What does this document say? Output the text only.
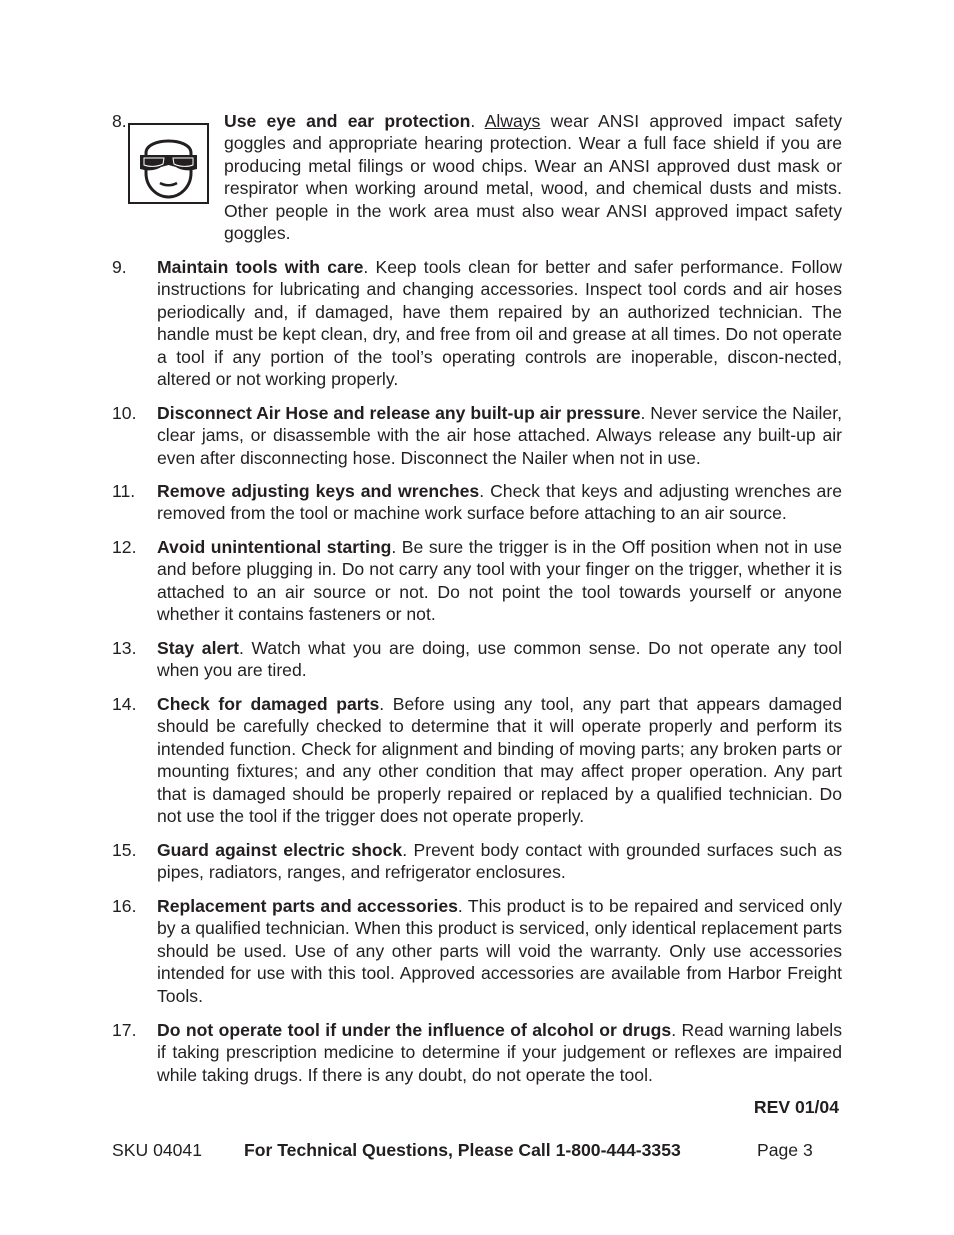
8.	Use eye and ear protection. Always wear ANSI approved impact safety goggles and appropriate hearing protection. Wear a full face shield if you are producing metal filings or wood chips. Wear an ANSI approved dust mask or respirator when working around metal, wood, and chemical dusts and mists. Other people in the work area must also wear ANSI approved impact safety goggles.
9. Maintain tools with care. Keep tools clean for better and safer performance. Follow instructions for lubricating and changing accessories. Inspect tool cords and air hoses periodically and, if damaged, have them repaired by an authorized technician. The handle must be kept clean, dry, and free from oil and grease at all times. Do not operate a tool if any portion of the tool’s operating controls are inoperable, discon-nected, altered or not working properly.
10. Disconnect Air Hose and release any built-up air pressure. Never service the Nailer, clear jams, or disassemble with the air hose attached. Always release any built-up air even after disconnecting hose. Disconnect the Nailer when not in use.
11. Remove adjusting keys and wrenches. Check that keys and adjusting wrenches are removed from the tool or machine work surface before attaching to an air source.
12. Avoid unintentional starting. Be sure the trigger is in the Off position when not in use and before plugging in. Do not carry any tool with your finger on the trigger, whether it is attached to an air source or not. Do not point the tool towards yourself or anyone whether it contains fasteners or not.
13. Stay alert. Watch what you are doing, use common sense. Do not operate any tool when you are tired.
14. Check for damaged parts. Before using any tool, any part that appears damaged should be carefully checked to determine that it will operate properly and perform its intended function. Check for alignment and binding of moving parts; any broken parts or mounting fixtures; and any other condition that may affect proper operation. Any part that is damaged should be properly repaired or replaced by a qualified technician. Do not use the tool if the trigger does not operate properly.
15. Guard against electric shock. Prevent body contact with grounded surfaces such as pipes, radiators, ranges, and refrigerator enclosures.
16. Replacement parts and accessories. This product is to be repaired and serviced only by a qualified technician. When this product is serviced, only identical replacement parts should be used. Use of any other parts will void the warranty. Only use accessories intended for use with this tool. Approved accessories are available from Harbor Freight Tools.
17. Do not operate tool if under the influence of alcohol or drugs. Read warning labels if taking prescription medicine to determine if your judgement or reflexes are impaired while taking drugs. If there is any doubt, do not operate the tool.
REV 01/04
SKU 04041 For Technical Questions, Please Call 1-800-444-3353	Page 3
